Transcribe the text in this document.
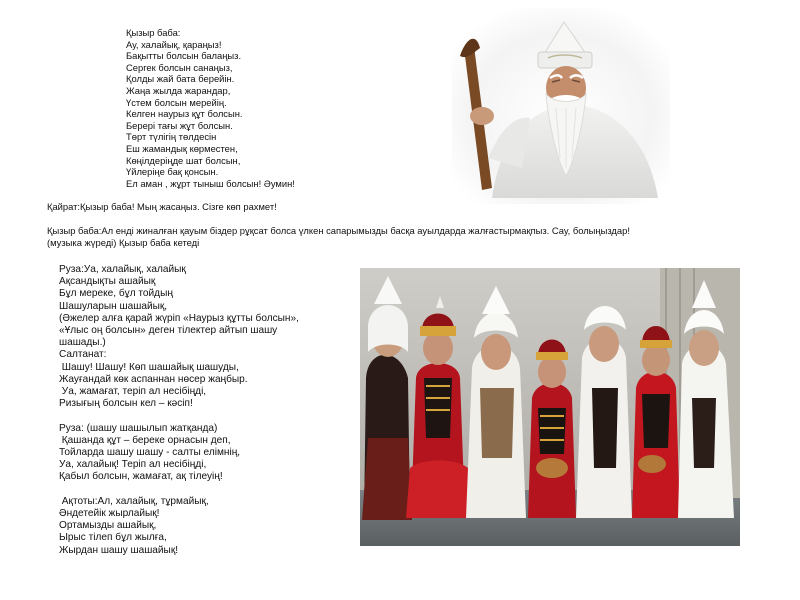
Қызыр баба:
Ау, халайық, қараңыз!
Бақытты болсын балаңыз.
Сергек болсын санаңыз,
Қолды жай бата берейін.
Жаңа жылда жарандар,
Үстем болсын мерейің.
Келген наурыз құт болсын.
Берері тағы жұт болсын.
Төрт түлігің төлдесін
Еш жамандық көрместен,
Көңілдеріңде шат болсын,
Үйлеріңе бақ қонсын.
Ел аман , жұрт тыныш болсын! Әумин!
Қайрат:Қызыр баба! Мың жасаңыз. Сізге көп рахмет!
Қызыр баба:Ал енді жиналған қауым біздер рұқсат болса үлкен сапарымызды басқа ауылдарда жалғастырмақпыз. Сау, болыңыздар!
(музыка жүреді) Қызыр баба кетеді
Руза:Уа, халайық, халайық
Ақсандықты ашайық
Бұл мереке, бұл тойдың
Шашуларын шашайық,
(Әжелер алға қарай жүріп «Наурыз құтты болсын»,
«Ұлыс оң болсын» деген тілектер айтып шашу
шашады.)
Салтанат:
Шашу! Шашу! Көп шашайық шашуды,
Жауғандай көк аспаннан нөсер жаңбыр.
Уа, жамағат, теріп ал несібіңді,
Ризығың болсын кел – кәсіп!
Руза: (шашу шашылып жатқанда)
Қашанда құт – береке орнасын деп,
Тойларда шашу шашу - салты елімнің,
Уа, халайық! Теріп ал несібіңді,
Қабыл болсын, жамағат, ақ тілеуің!
Ақтоты:Ал, халайық, тұрмайық,
Әндетейік жырлайық!
Ортамызды ашайық,
Ырыс тілеп бұл жылға,
Жырдан шашу шашайық!
